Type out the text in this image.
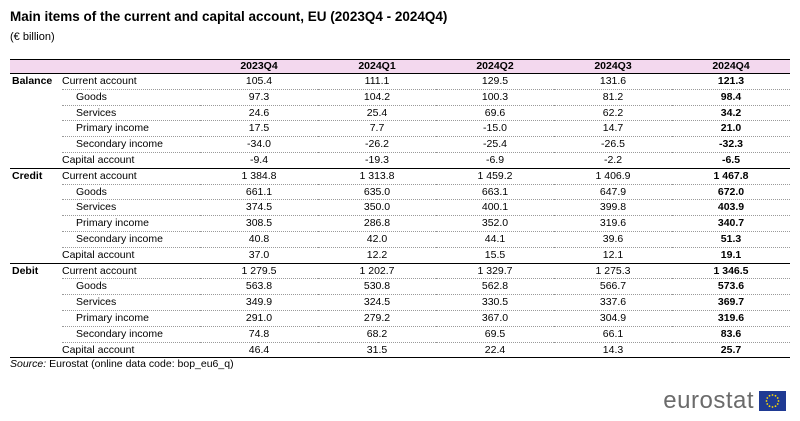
Main items of the current and capital account, EU (2023Q4 - 2024Q4)
(€ billion)
		2023Q4	2024Q1	2024Q2	2024Q3	2024Q4
Balance	Current account	105.4	111.1	129.5	131.6	121.3
	Goods	97.3	104.2	100.3	81.2	98.4
	Services	24.6	25.4	69.6	62.2	34.2
	Primary income	17.5	7.7	-15.0	14.7	21.0
	Secondary income	-34.0	-26.2	-25.4	-26.5	-32.3
	Capital account	-9.4	-19.3	-6.9	-2.2	-6.5
Credit	Current account	1 384.8	1 313.8	1 459.2	1 406.9	1 467.8
	Goods	661.1	635.0	663.1	647.9	672.0
	Services	374.5	350.0	400.1	399.8	403.9
	Primary income	308.5	286.8	352.0	319.6	340.7
	Secondary income	40.8	42.0	44.1	39.6	51.3
	Capital account	37.0	12.2	15.5	12.1	19.1
Debit	Current account	1 279.5	1 202.7	1 329.7	1 275.3	1 346.5
	Goods	563.8	530.8	562.8	566.7	573.6
	Services	349.9	324.5	330.5	337.6	369.7
	Primary income	291.0	279.2	367.0	304.9	319.6
	Secondary income	74.8	68.2	69.5	66.1	83.6
	Capital account	46.4	31.5	22.4	14.3	25.7
Source: Eurostat (online data code: bop_eu6_q)
eurostat
